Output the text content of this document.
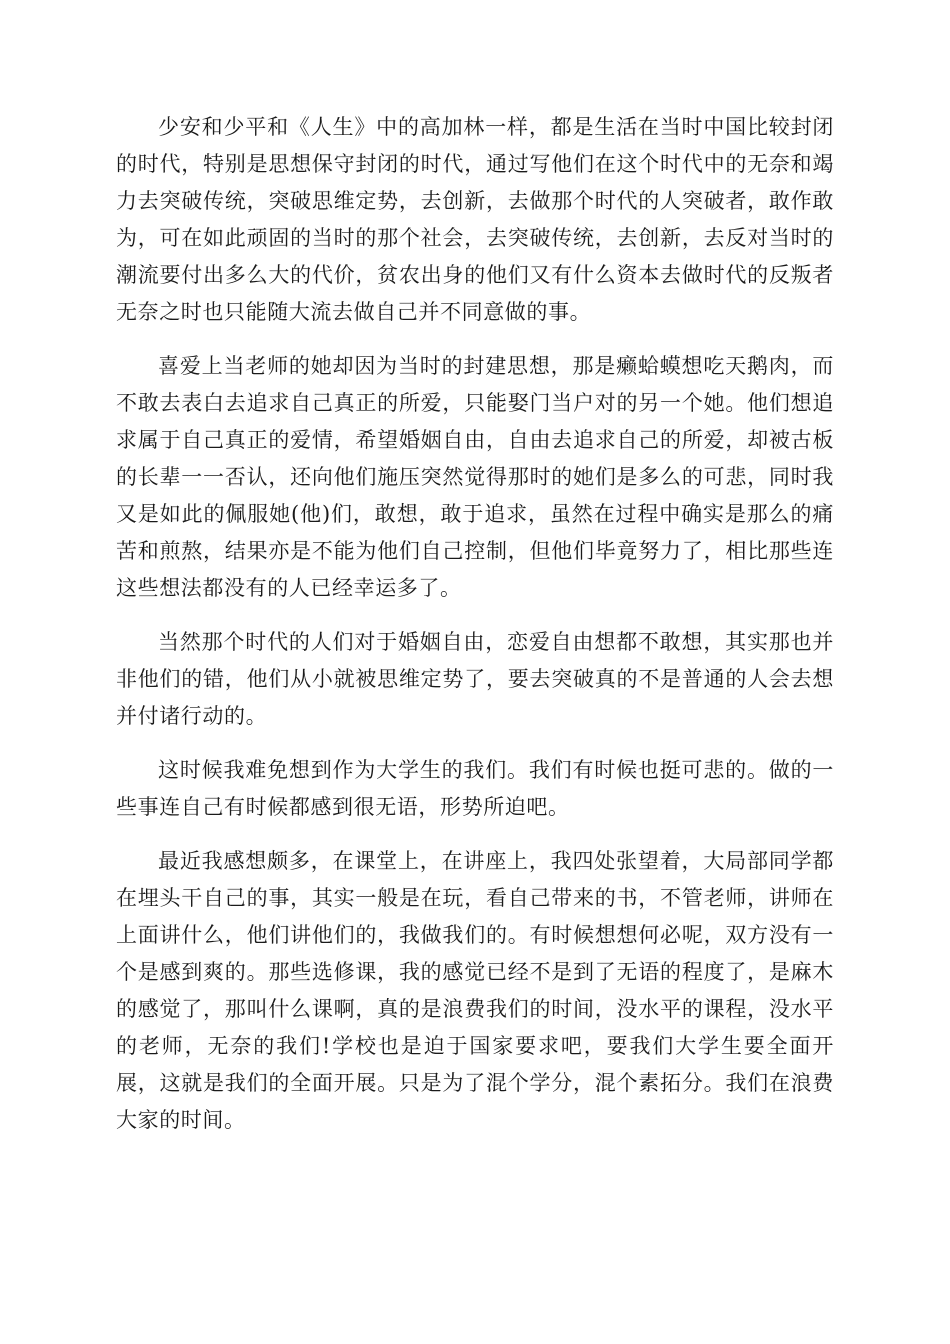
少安和少平和《人生》中的高加林一样，都是生活在当时中国比较封闭的时代，特别是思想保守封闭的时代，通过写他们在这个时代中的无奈和竭力去突破传统，突破思维定势，去创新，去做那个时代的人突破者，敢作敢为，可在如此顽固的当时的那个社会，去突破传统，去创新，去反对当时的潮流要付出多么大的代价，贫农出身的他们又有什么资本去做时代的反叛者无奈之时也只能随大流去做自己并不同意做的事。

喜爱上当老师的她却因为当时的封建思想，那是癞蛤蟆想吃天鹅肉，而不敢去表白去追求自己真正的所爱，只能娶门当户对的另一个她。他们想追求属于自己真正的爱情，希望婚姻自由，自由去追求自己的所爱，却被古板的长辈一一否认，还向他们施压突然觉得那时的她们是多么的可悲，同时我又是如此的佩服她(他)们，敢想，敢于追求，虽然在过程中确实是那么的痛苦和煎熬，结果亦是不能为他们自己控制，但他们毕竟努力了，相比那些连这些想法都没有的人已经幸运多了。

当然那个时代的人们对于婚姻自由，恋爱自由想都不敢想，其实那也并非他们的错，他们从小就被思维定势了，要去突破真的不是普通的人会去想并付诸行动的。

这时候我难免想到作为大学生的我们。我们有时候也挺可悲的。做的一些事连自己有时候都感到很无语，形势所迫吧。

最近我感想颇多，在课堂上，在讲座上，我四处张望着，大局部同学都在埋头干自己的事，其实一般是在玩，看自己带来的书，不管老师，讲师在上面讲什么，他们讲他们的，我做我们的。有时候想想何必呢，双方没有一个是感到爽的。那些选修课，我的感觉已经不是到了无语的程度了，是麻木的感觉了，那叫什么课啊，真的是浪费我们的时间，没水平的课程，没水平的老师，无奈的我们!学校也是迫于国家要求吧，要我们大学生要全面开展，这就是我们的全面开展。只是为了混个学分，混个素拓分。我们在浪费大家的时间。
